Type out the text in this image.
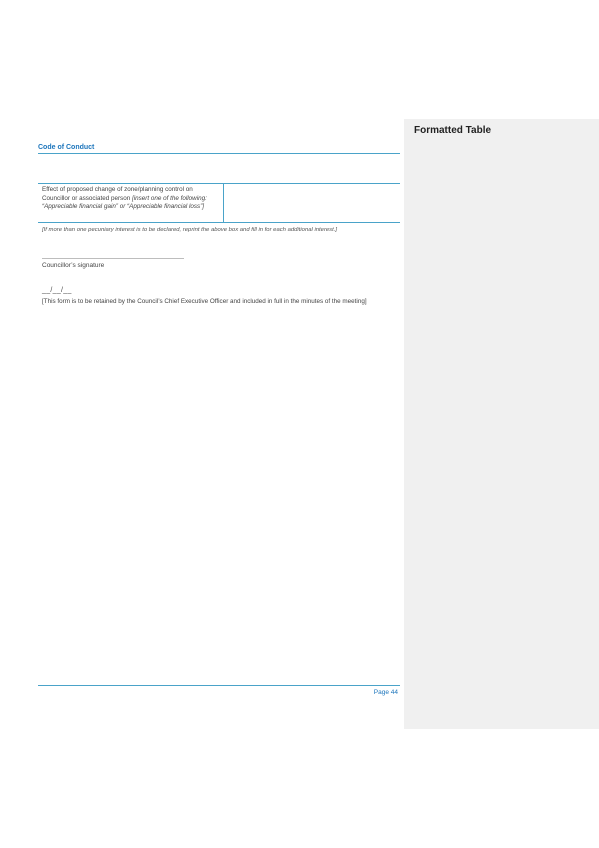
Code of Conduct
Effect of proposed change of zone/planning control on Councillor or associated person [insert one of the following: “Appreciable financial gain” or “Appreciable financial loss”]
[If more than one pecuniary interest is to be declared, reprint the above box and fill in for each additional interest.]
Councillor’s signature
__/__/__
[This form is to be retained by the Council’s Chief Executive Officer and included in full in the minutes of the meeting]
Page 44
Formatted Table
